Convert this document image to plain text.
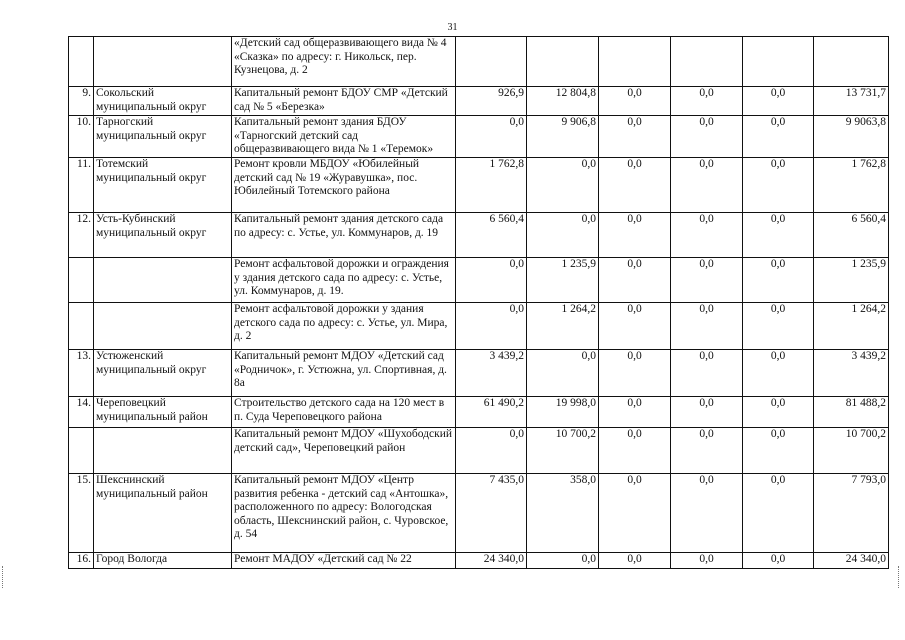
31
		«Детский сад общеразвивающего вида № 4 «Сказка» по адресу: г. Никольск, пер. Кузнецова, д. 2						
9.	Сокольский муниципальный округ	Капитальный ремонт БДОУ СМР «Детский сад № 5 «Березка»	926,9	12 804,8	0,0	0,0	0,0	13 731,7
10.	Тарногский муниципальный округ	Капитальный ремонт здания БДОУ «Тарногский детский сад общеразвивающего вида № 1 «Теремок»	0,0	9 906,8	0,0	0,0	0,0	9 9063,8
11.	Тотемский муниципальный округ	Ремонт кровли МБДОУ «Юбилейный детский сад № 19 «Журавушка», пос. Юбилейный Тотемского района	1 762,8	0,0	0,0	0,0	0,0	1 762,8
12.	Усть-Кубинский муниципальный округ	Капитальный ремонт здания детского сада по адресу: с. Устье, ул. Коммунаров, д. 19	6 560,4	0,0	0,0	0,0	0,0	6 560,4
		Ремонт асфальтовой дорожки и ограждения у здания детского сада по адресу: с. Устье, ул. Коммунаров, д. 19.	0,0	1 235,9	0,0	0,0	0,0	1 235,9
		Ремонт асфальтовой дорожки у здания детского сада по адресу: с. Устье, ул. Мира, д. 2	0,0	1 264,2	0,0	0,0	0,0	1 264,2
13.	Устюженский муниципальный округ	Капитальный ремонт МДОУ «Детский сад «Родничок», г. Устюжна, ул. Спортивная, д. 8а	3 439,2	0,0	0,0	0,0	0,0	3 439,2
14.	Череповецкий муниципальный район	Строительство детского сада на 120 мест в п. Суда Череповецкого района	61 490,2	19 998,0	0,0	0,0	0,0	81 488,2
		Капитальный ремонт МДОУ «Шухободский детский сад», Череповецкий район	0,0	10 700,2	0,0	0,0	0,0	10 700,2
15.	Шекснинский муниципальный район	Капитальный ремонт МДОУ «Центр развития ребенка - детский сад «Антошка», расположенного по адресу: Вологодская область, Шекснинский район, с. Чуровское, д. 54	7 435,0	358,0	0,0	0,0	0,0	7 793,0
16.	Город Вологда	Ремонт МАДОУ «Детский сад № 22	24 340,0	0,0	0,0	0,0	0,0	24 340,0
